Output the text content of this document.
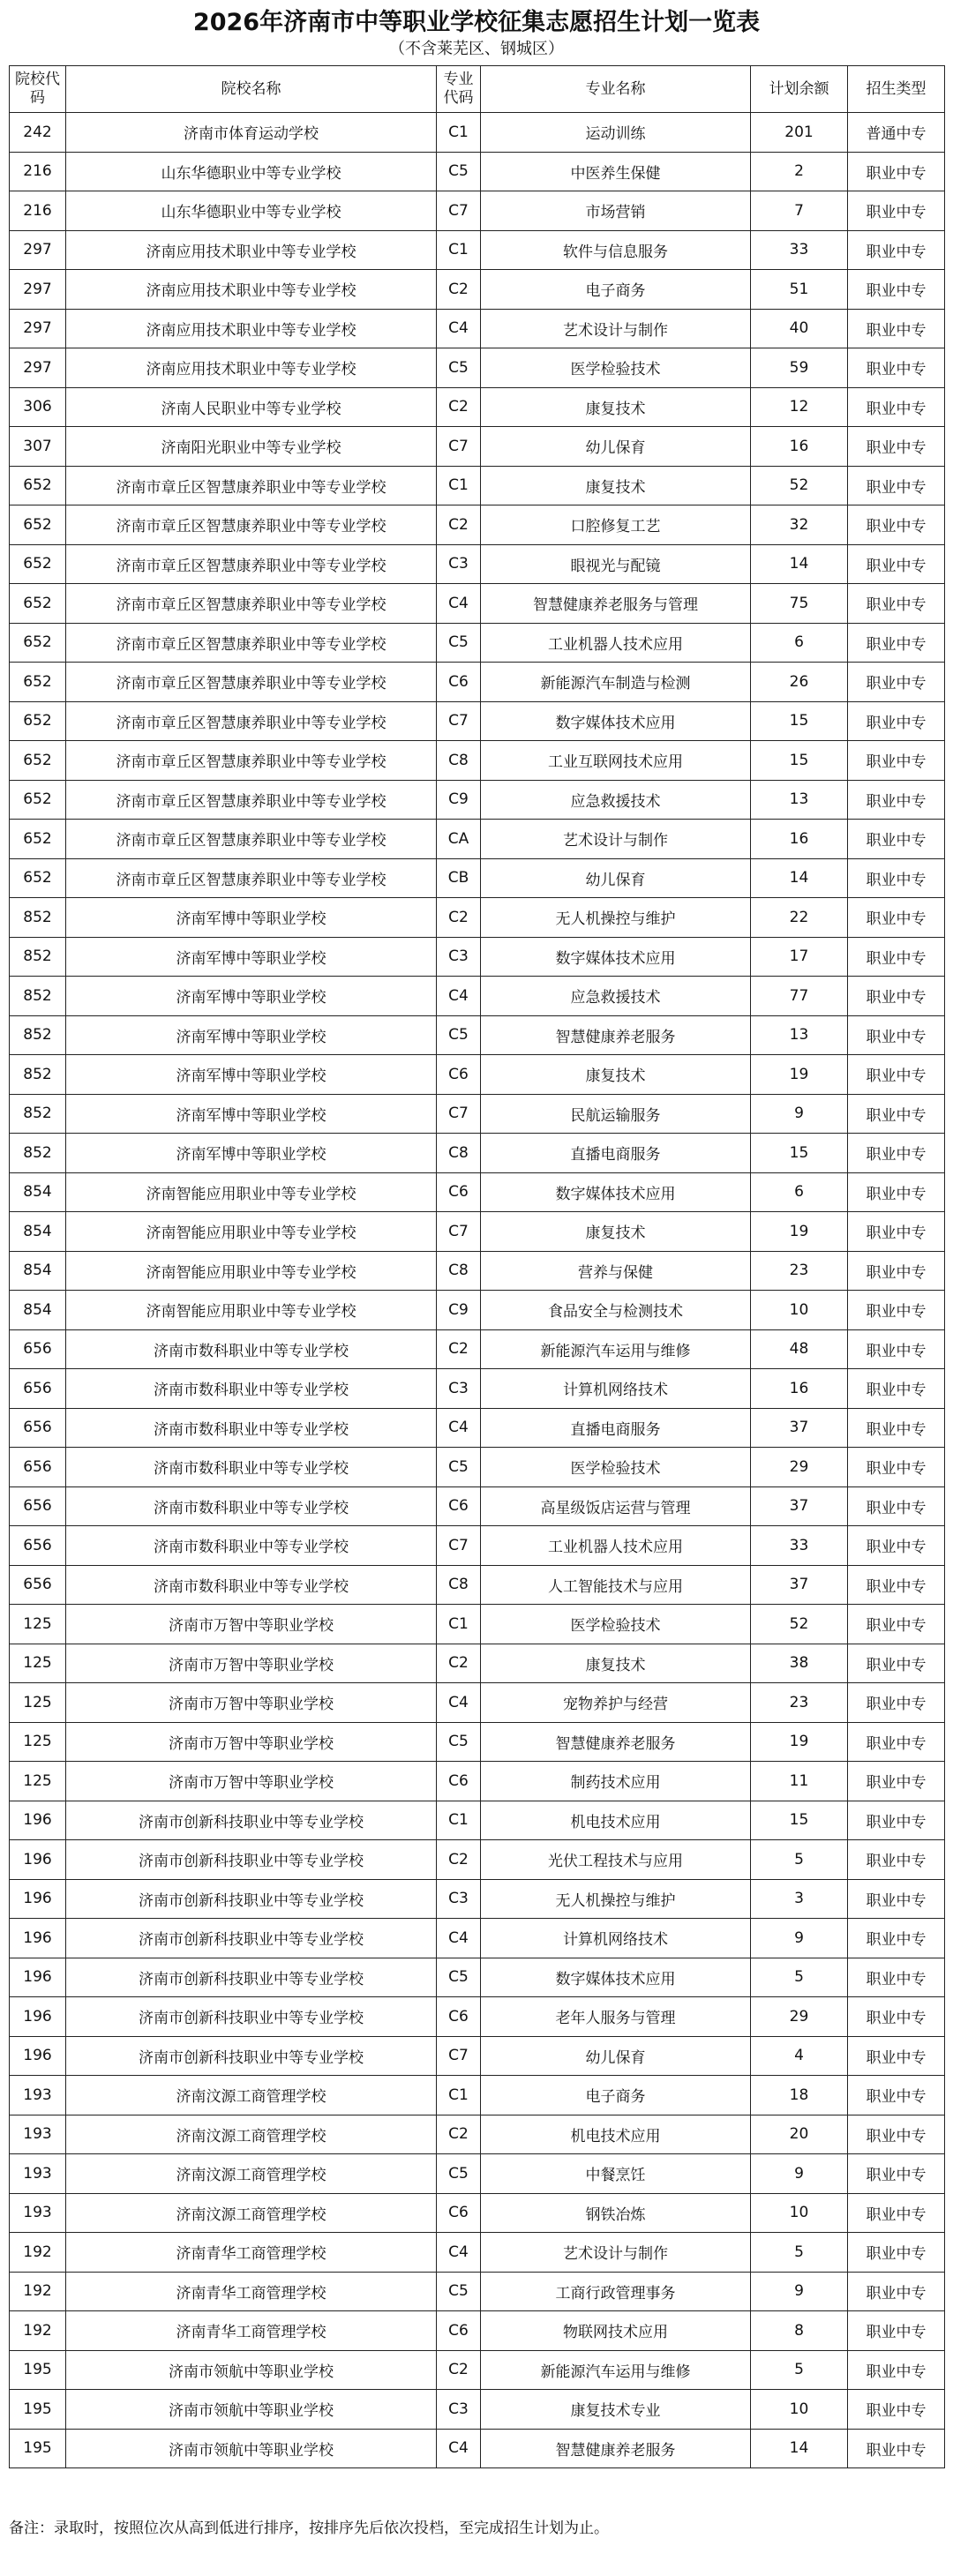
2026年济南市中等职业学校征集志愿招生计划一览表
（不含莱芜区、钢城区）
院校代码	院校名称	专业代码	专业名称	计划余额	招生类型
242	济南市体育运动学校	C1	运动训练	201	普通中专
216	山东华德职业中等专业学校	C5	中医养生保健	2	职业中专
216	山东华德职业中等专业学校	C7	市场营销	7	职业中专
297	济南应用技术职业中等专业学校	C1	软件与信息服务	33	职业中专
297	济南应用技术职业中等专业学校	C2	电子商务	51	职业中专
297	济南应用技术职业中等专业学校	C4	艺术设计与制作	40	职业中专
297	济南应用技术职业中等专业学校	C5	医学检验技术	59	职业中专
306	济南人民职业中等专业学校	C2	康复技术	12	职业中专
307	济南阳光职业中等专业学校	C7	幼儿保育	16	职业中专
652	济南市章丘区智慧康养职业中等专业学校	C1	康复技术	52	职业中专
652	济南市章丘区智慧康养职业中等专业学校	C2	口腔修复工艺	32	职业中专
652	济南市章丘区智慧康养职业中等专业学校	C3	眼视光与配镜	14	职业中专
652	济南市章丘区智慧康养职业中等专业学校	C4	智慧健康养老服务与管理	75	职业中专
652	济南市章丘区智慧康养职业中等专业学校	C5	工业机器人技术应用	6	职业中专
652	济南市章丘区智慧康养职业中等专业学校	C6	新能源汽车制造与检测	26	职业中专
652	济南市章丘区智慧康养职业中等专业学校	C7	数字媒体技术应用	15	职业中专
652	济南市章丘区智慧康养职业中等专业学校	C8	工业互联网技术应用	15	职业中专
652	济南市章丘区智慧康养职业中等专业学校	C9	应急救援技术	13	职业中专
652	济南市章丘区智慧康养职业中等专业学校	CA	艺术设计与制作	16	职业中专
652	济南市章丘区智慧康养职业中等专业学校	CB	幼儿保育	14	职业中专
852	济南军博中等职业学校	C2	无人机操控与维护	22	职业中专
852	济南军博中等职业学校	C3	数字媒体技术应用	17	职业中专
852	济南军博中等职业学校	C4	应急救援技术	77	职业中专
852	济南军博中等职业学校	C5	智慧健康养老服务	13	职业中专
852	济南军博中等职业学校	C6	康复技术	19	职业中专
852	济南军博中等职业学校	C7	民航运输服务	9	职业中专
852	济南军博中等职业学校	C8	直播电商服务	15	职业中专
854	济南智能应用职业中等专业学校	C6	数字媒体技术应用	6	职业中专
854	济南智能应用职业中等专业学校	C7	康复技术	19	职业中专
854	济南智能应用职业中等专业学校	C8	营养与保健	23	职业中专
854	济南智能应用职业中等专业学校	C9	食品安全与检测技术	10	职业中专
656	济南市数科职业中等专业学校	C2	新能源汽车运用与维修	48	职业中专
656	济南市数科职业中等专业学校	C3	计算机网络技术	16	职业中专
656	济南市数科职业中等专业学校	C4	直播电商服务	37	职业中专
656	济南市数科职业中等专业学校	C5	医学检验技术	29	职业中专
656	济南市数科职业中等专业学校	C6	高星级饭店运营与管理	37	职业中专
656	济南市数科职业中等专业学校	C7	工业机器人技术应用	33	职业中专
656	济南市数科职业中等专业学校	C8	人工智能技术与应用	37	职业中专
125	济南市万智中等职业学校	C1	医学检验技术	52	职业中专
125	济南市万智中等职业学校	C2	康复技术	38	职业中专
125	济南市万智中等职业学校	C4	宠物养护与经营	23	职业中专
125	济南市万智中等职业学校	C5	智慧健康养老服务	19	职业中专
125	济南市万智中等职业学校	C6	制药技术应用	11	职业中专
196	济南市创新科技职业中等专业学校	C1	机电技术应用	15	职业中专
196	济南市创新科技职业中等专业学校	C2	光伏工程技术与应用	5	职业中专
196	济南市创新科技职业中等专业学校	C3	无人机操控与维护	3	职业中专
196	济南市创新科技职业中等专业学校	C4	计算机网络技术	9	职业中专
196	济南市创新科技职业中等专业学校	C5	数字媒体技术应用	5	职业中专
196	济南市创新科技职业中等专业学校	C6	老年人服务与管理	29	职业中专
196	济南市创新科技职业中等专业学校	C7	幼儿保育	4	职业中专
193	济南汶源工商管理学校	C1	电子商务	18	职业中专
193	济南汶源工商管理学校	C2	机电技术应用	20	职业中专
193	济南汶源工商管理学校	C5	中餐烹饪	9	职业中专
193	济南汶源工商管理学校	C6	钢铁冶炼	10	职业中专
192	济南青华工商管理学校	C4	艺术设计与制作	5	职业中专
192	济南青华工商管理学校	C5	工商行政管理事务	9	职业中专
192	济南青华工商管理学校	C6	物联网技术应用	8	职业中专
195	济南市领航中等职业学校	C2	新能源汽车运用与维修	5	职业中专
195	济南市领航中等职业学校	C3	康复技术专业	10	职业中专
195	济南市领航中等职业学校	C4	智慧健康养老服务	14	职业中专
备注：录取时，按照位次从高到低进行排序，按排序先后依次投档，至完成招生计划为止。
